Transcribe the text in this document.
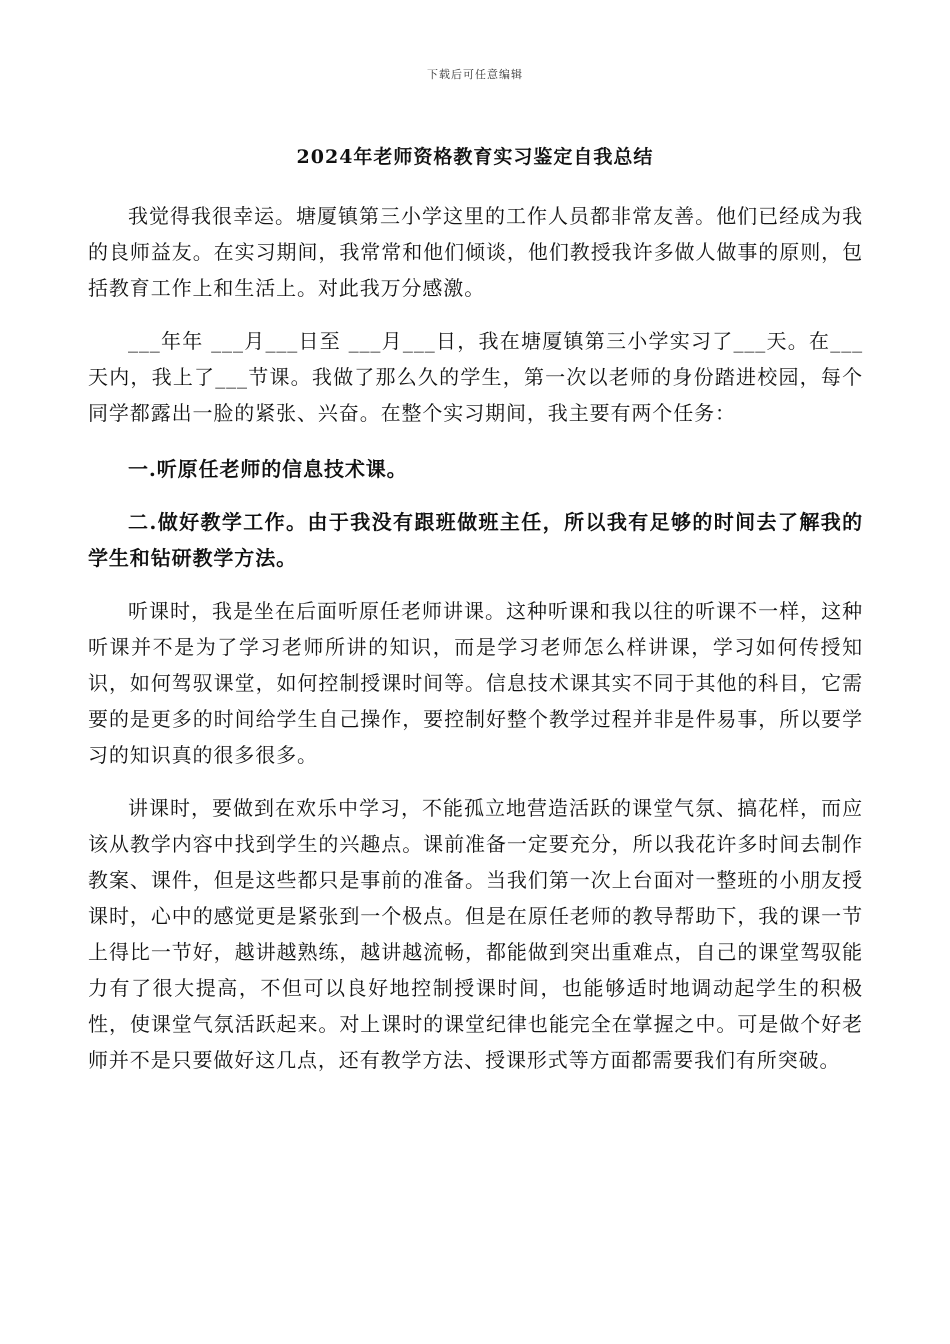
下载后可任意编辑
2024年老师资格教育实习鉴定自我总结

我觉得我很幸运。塘厦镇第三小学这里的工作人员都非常友善。他们已经成为我的良师益友。在实习期间，我常常和他们倾谈，他们教授我许多做人做事的原则，包括教育工作上和生活上。对此我万分感激。

___年年 ___月___日至 ___月___日，我在塘厦镇第三小学实习了___天。在___天内，我上了___节课。我做了那么久的学生，第一次以老师的身份踏进校园，每个同学都露出一脸的紧张、兴奋。在整个实习期间，我主要有两个任务：

一.听原任老师的信息技术课。

二.做好教学工作。由于我没有跟班做班主任，所以我有足够的时间去了解我的学生和钻研教学方法。

听课时，我是坐在后面听原任老师讲课。这种听课和我以往的听课不一样，这种听课并不是为了学习老师所讲的知识，而是学习老师怎么样讲课，学习如何传授知识，如何驾驭课堂，如何控制授课时间等。信息技术课其实不同于其他的科目，它需要的是更多的时间给学生自己操作，要控制好整个教学过程并非是件易事，所以要学习的知识真的很多很多。

讲课时，要做到在欢乐中学习，不能孤立地营造活跃的课堂气氛、搞花样，而应该从教学内容中找到学生的兴趣点。课前准备一定要充分，所以我花许多时间去制作教案、课件，但是这些都只是事前的准备。当我们第一次上台面对一整班的小朋友授课时，心中的感觉更是紧张到一个极点。但是在原任老师的教导帮助下，我的课一节上得比一节好，越讲越熟练，越讲越流畅，都能做到突出重难点，自己的课堂驾驭能力有了很大提高，不但可以良好地控制授课时间，也能够适时地调动起学生的积极性，使课堂气氛活跃起来。对上课时的课堂纪律也能完全在掌握之中。可是做个好老师并不是只要做好这几点，还有教学方法、授课形式等方面都需要我们有所突破。
